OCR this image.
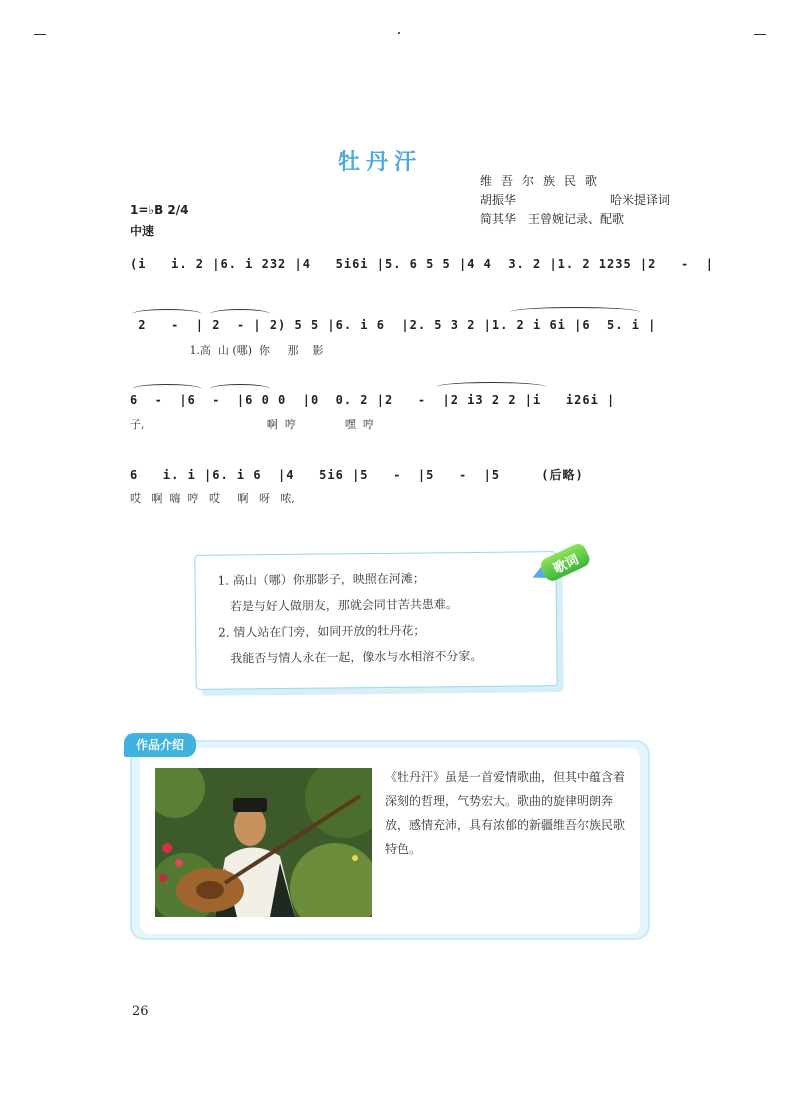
牡丹汗
维吾尔族民歌
胡振华	哈米提译词
简其华　王曾婉记录、配歌
1=♭B 2/4
中速
(i   i. 2 |6. i 232 |4   5i6i |5. 6 5 5 |4 4  3. 2 |1. 2 1235 |2   -  |
2   -  | 2  - | 2) 5 5 |6. i 6  |2. 5 3 2 |1. 2 i 6i |6  5. i |
1.高  山 (哪)  你     那    影
6  -  |6  -  |6 0 0  |0  0. 2 |2   -  |2 i3 2 2 |i   i26i |
子,                                   啊  哼              嘿  哼
6   i. i |6. i 6  |4   5i6 |5   -  |5   -  |5     (后略)
哎   啊  嗨  哼   哎     啊   呀   哝,
1. 高山（哪）你那影子，映照在河滩；
若是与好人做朋友，那就会同甘苦共患难。
2. 情人站在门旁，如同开放的牡丹花；
我能否与情人永在一起，像水与水相溶不分家。
歌词
作品介绍
《牡丹汗》虽是一首爱情歌曲，但其中蕴含着深刻的哲理，气势宏大。歌曲的旋律明朗奔放，感情充沛，具有浓郁的新疆维吾尔族民歌特色。
26
